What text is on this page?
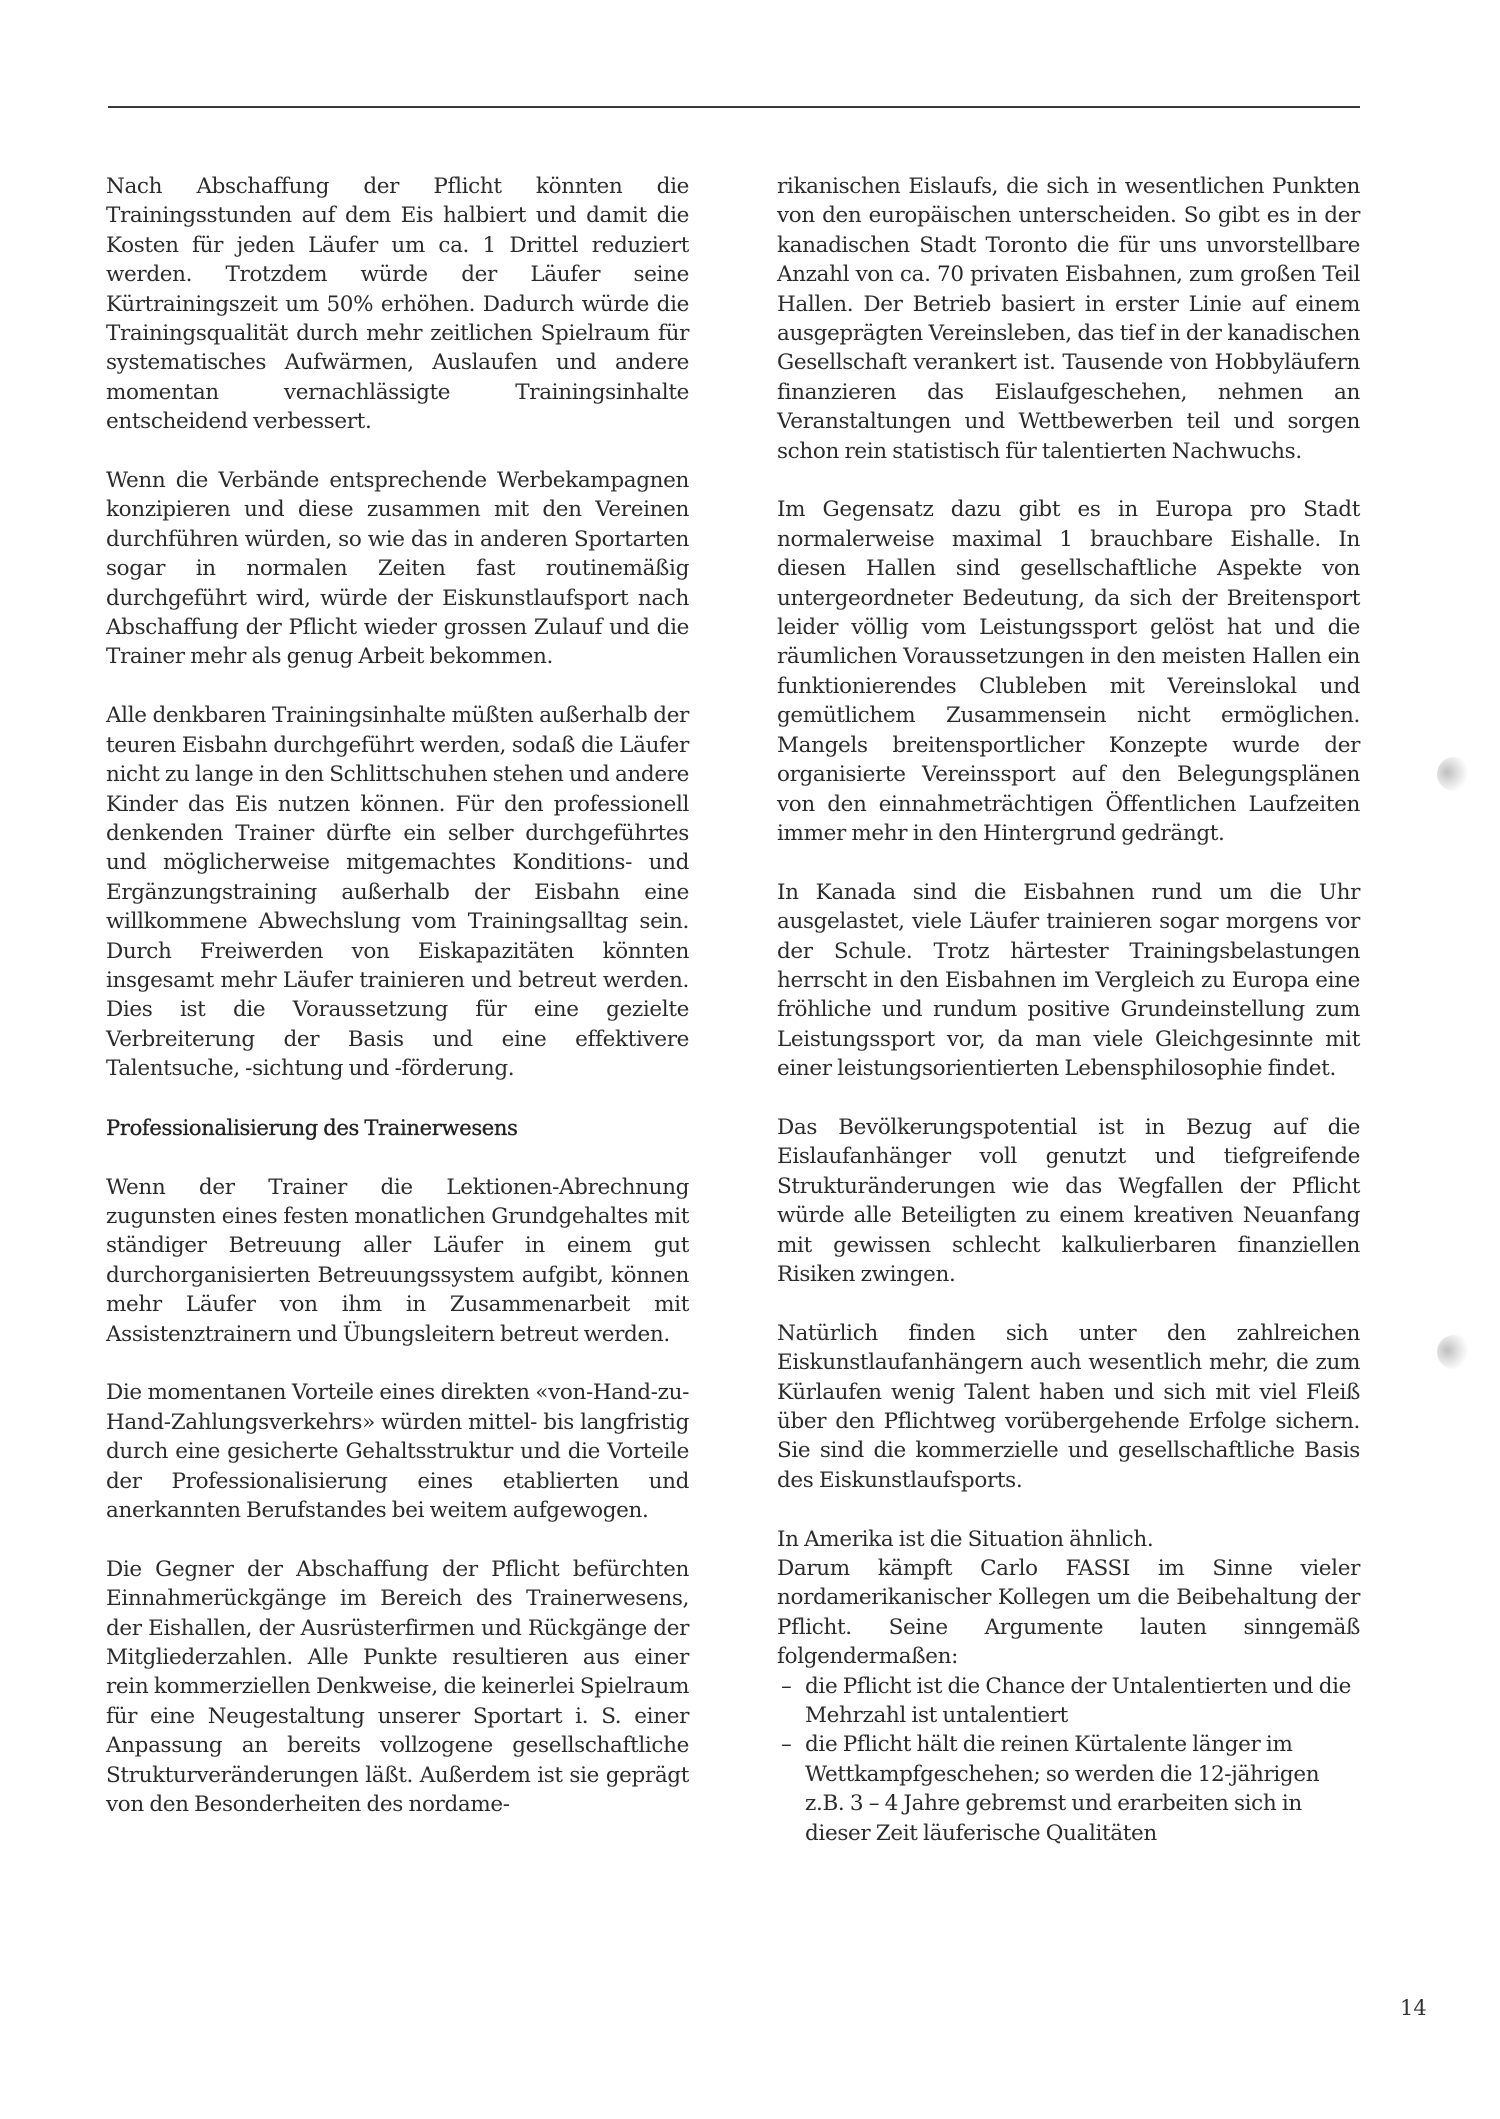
Nach Abschaffung der Pflicht könnten die Trainingsstunden auf dem Eis halbiert und damit die Kosten für jeden Läufer um ca. 1 Drittel reduziert werden. Trotzdem würde der Läufer seine Kürtrainingszeit um 50% erhöhen. Dadurch würde die Trainingsqualität durch mehr zeitlichen Spielraum für systematisches Aufwärmen, Auslaufen und andere momentan vernachlässigte Trainingsinhalte entscheidend verbessert.

Wenn die Verbände entsprechende Werbekampagnen konzipieren und diese zusammen mit den Vereinen durchführen würden, so wie das in anderen Sportarten sogar in normalen Zeiten fast routinemäßig durchgeführt wird, würde der Eiskunstlaufsport nach Abschaffung der Pflicht wieder grossen Zulauf und die Trainer mehr als genug Arbeit bekommen.

Alle denkbaren Trainingsinhalte müßten außerhalb der teuren Eisbahn durchgeführt werden, sodaß die Läufer nicht zu lange in den Schlittschuhen stehen und andere Kinder das Eis nutzen können. Für den professionell denkenden Trainer dürfte ein selber durchgeführtes und möglicherweise mitgemachtes Konditions- und Ergänzungstraining außerhalb der Eisbahn eine willkommene Abwechslung vom Trainingsalltag sein. Durch Freiwerden von Eiskapazitäten könnten insgesamt mehr Läufer trainieren und betreut werden. Dies ist die Voraussetzung für eine gezielte Verbreiterung der Basis und eine effektivere Talentsuche, -sichtung und -förderung.

Professionalisierung des Trainerwesens

Wenn der Trainer die Lektionen-Abrechnung zugunsten eines festen monatlichen Grundgehaltes mit ständiger Betreuung aller Läufer in einem gut durchorganisierten Betreuungssystem aufgibt, können mehr Läufer von ihm in Zusammenarbeit mit Assistenztrainern und Übungsleitern betreut werden.

Die momentanen Vorteile eines direkten «von-Hand-zu-Hand-Zahlungsverkehrs» würden mittel- bis langfristig durch eine gesicherte Gehaltsstruktur und die Vorteile der Professionalisierung eines etablierten und anerkannten Berufstandes bei weitem aufgewogen.

Die Gegner der Abschaffung der Pflicht befürchten Einnahmerückgänge im Bereich des Trainerwesens, der Eishallen, der Ausrüsterfirmen und Rückgänge der Mitgliederzahlen. Alle Punkte resultieren aus einer rein kommerziellen Denkweise, die keinerlei Spielraum für eine Neugestaltung unserer Sportart i. S. einer Anpassung an bereits vollzogene gesellschaftliche Strukturveränderungen läßt. Außerdem ist sie geprägt von den Besonderheiten des nordame-

rikanischen Eislaufs, die sich in wesentlichen Punkten von den europäischen unterscheiden. So gibt es in der kanadischen Stadt Toronto die für uns unvorstellbare Anzahl von ca. 70 privaten Eisbahnen, zum großen Teil Hallen. Der Betrieb basiert in erster Linie auf einem ausgeprägten Vereinsleben, das tief in der kanadischen Gesellschaft verankert ist. Tausende von Hobbyläufern finanzieren das Eislaufgeschehen, nehmen an Veranstaltungen und Wettbewerben teil und sorgen schon rein statistisch für talentierten Nachwuchs.

Im Gegensatz dazu gibt es in Europa pro Stadt normalerweise maximal 1 brauchbare Eishalle. In diesen Hallen sind gesellschaftliche Aspekte von untergeordneter Bedeutung, da sich der Breitensport leider völlig vom Leistungssport gelöst hat und die räumlichen Voraussetzungen in den meisten Hallen ein funktionierendes Clubleben mit Vereinslokal und gemütlichem Zusammensein nicht ermöglichen. Mangels breitensportlicher Konzepte wurde der organisierte Vereinssport auf den Belegungsplänen von den einnahmeträchtigen Öffentlichen Laufzeiten immer mehr in den Hintergrund gedrängt.

In Kanada sind die Eisbahnen rund um die Uhr ausgelastet, viele Läufer trainieren sogar morgens vor der Schule. Trotz härtester Trainingsbelastungen herrscht in den Eisbahnen im Vergleich zu Europa eine fröhliche und rundum positive Grundeinstellung zum Leistungssport vor, da man viele Gleichgesinnte mit einer leistungsorientierten Lebensphilosophie findet.

Das Bevölkerungspotential ist in Bezug auf die Eislaufanhänger voll genutzt und tiefgreifende Strukturänderungen wie das Wegfallen der Pflicht würde alle Beteiligten zu einem kreativen Neuanfang mit gewissen schlecht kalkulierbaren finanziellen Risiken zwingen.

Natürlich finden sich unter den zahlreichen Eiskunstlaufanhängern auch wesentlich mehr, die zum Kürlaufen wenig Talent haben und sich mit viel Fleiß über den Pflichtweg vorübergehende Erfolge sichern. Sie sind die kommerzielle und gesellschaftliche Basis des Eiskunstlaufsports.

In Amerika ist die Situation ähnlich.

Darum kämpft Carlo FASSI im Sinne vieler nordamerikanischer Kollegen um die Beibehaltung der Pflicht. Seine Argumente lauten sinngemäß folgendermaßen:

– die Pflicht ist die Chance der Untalentierten und die Mehrzahl ist untalentiert
– die Pflicht hält die reinen Kürtalente länger im Wettkampfgeschehen; so werden die 12-jährigen z.B. 3 – 4 Jahre gebremst und erarbeiten sich in dieser Zeit läuferische Qualitäten
14
